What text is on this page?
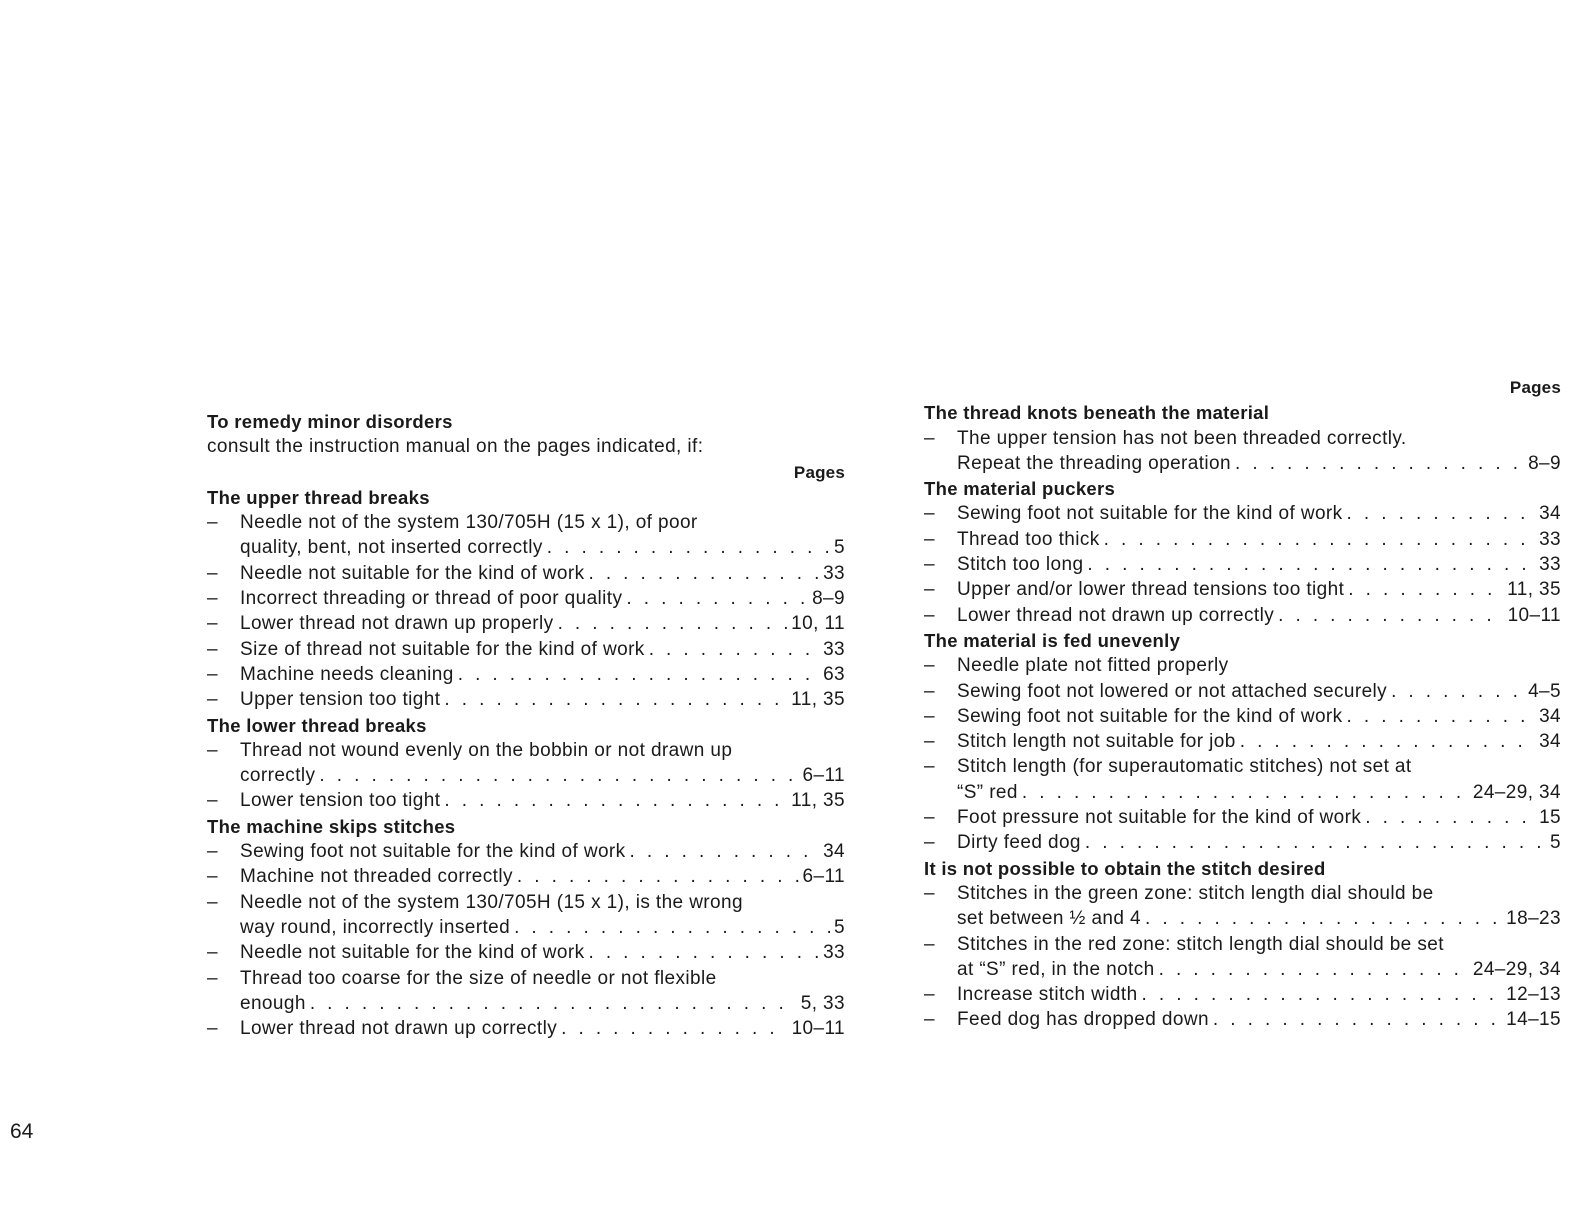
To remedy minor disorders
consult the instruction manual on the pages indicated, if:
Pages
The upper thread breaks
–	Needle not of the system 130/705H (15 x 1), of poor
quality, bent, not inserted correctly . . .	5
– Needle not suitable for the kind of work . . .	33
– Incorrect threading or thread of poor quality . . .	8–9
– Lower thread not drawn up properly . . .	10, 11
– Size of thread not suitable for the kind of work . . .	33
– Machine needs cleaning . . .	63
– Upper tension too tight . . .	11, 35
The lower thread breaks
–	Thread not wound evenly on the bobbin or not drawn up
correctly . . .	6–11
– Lower tension too tight . . .	11, 35
The machine skips stitches
– Sewing foot not suitable for the kind of work . . .	34
– Machine not threaded correctly . . .	6–11
–	Needle not of the system 130/705H (15 x 1), is the wrong
way round, incorrectly inserted . . .	5
– Needle not suitable for the kind of work . . .	33
–	Thread too coarse for the size of needle or not flexible
enough . . .	5, 33
– Lower thread not drawn up correctly . . .	10–11
Pages
The thread knots beneath the material
–	The upper tension has not been threaded correctly.
Repeat the threading operation . . .	8–9
The material puckers
– Sewing foot not suitable for the kind of work . . .	34
– Thread too thick . . .	33
– Stitch too long . . .	33
– Upper and/or lower thread tensions too tight . . .	11, 35
– Lower thread not drawn up correctly . . .	10–11
The material is fed unevenly
– Needle plate not fitted properly
– Sewing foot not lowered or not attached securely . . .	4–5
– Sewing foot not suitable for the kind of work . . .	34
– Stitch length not suitable for job . . .	34
–	Stitch length (for superautomatic stitches) not set at
“S” red . . .	24–29, 34
– Foot pressure not suitable for the kind of work . . .	15
– Dirty feed dog . . .	5
It is not possible to obtain the stitch desired
–	Stitches in the green zone: stitch length dial should be
set between ½ and 4 . . .	18–23
–	Stitches in the red zone: stitch length dial should be set
at “S” red, in the notch . . .	24–29, 34
– Increase stitch width . . .	12–13
– Feed dog has dropped down . . .	14–15
64
